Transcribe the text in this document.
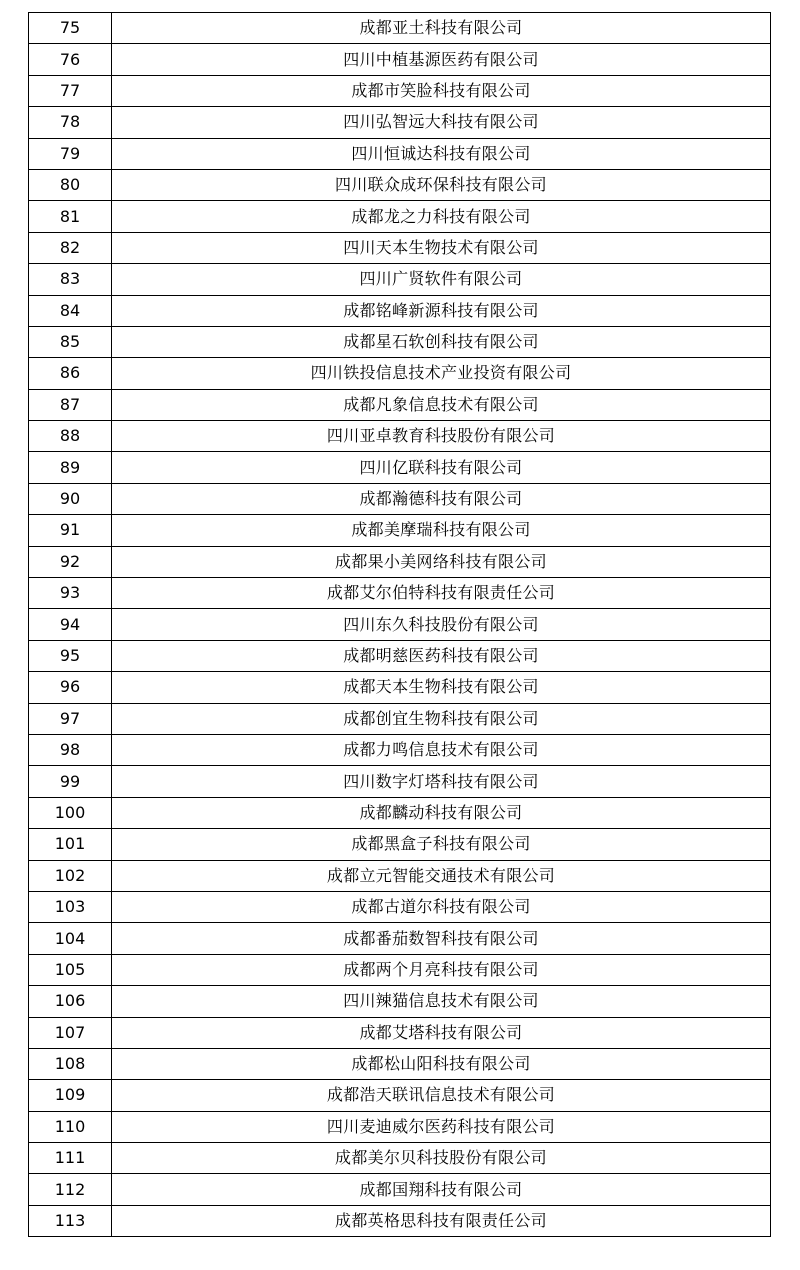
75	成都亚土科技有限公司
76	四川中植基源医药有限公司
77	成都市笑脸科技有限公司
78	四川弘智远大科技有限公司
79	四川恒诚达科技有限公司
80	四川联众成环保科技有限公司
81	成都龙之力科技有限公司
82	四川天本生物技术有限公司
83	四川广贤软件有限公司
84	成都铭峰新源科技有限公司
85	成都星石软创科技有限公司
86	四川铁投信息技术产业投资有限公司
87	成都凡象信息技术有限公司
88	四川亚卓教育科技股份有限公司
89	四川亿联科技有限公司
90	成都瀚德科技有限公司
91	成都美摩瑞科技有限公司
92	成都果小美网络科技有限公司
93	成都艾尔伯特科技有限责任公司
94	四川东久科技股份有限公司
95	成都明慈医药科技有限公司
96	成都天本生物科技有限公司
97	成都创宜生物科技有限公司
98	成都力鸣信息技术有限公司
99	四川数字灯塔科技有限公司
100	成都麟动科技有限公司
101	成都黑盒子科技有限公司
102	成都立元智能交通技术有限公司
103	成都古道尔科技有限公司
104	成都番茄数智科技有限公司
105	成都两个月亮科技有限公司
106	四川辣猫信息技术有限公司
107	成都艾塔科技有限公司
108	成都松山阳科技有限公司
109	成都浩天联讯信息技术有限公司
110	四川麦迪威尔医药科技有限公司
111	成都美尔贝科技股份有限公司
112	成都国翔科技有限公司
113	成都英格思科技有限责任公司
